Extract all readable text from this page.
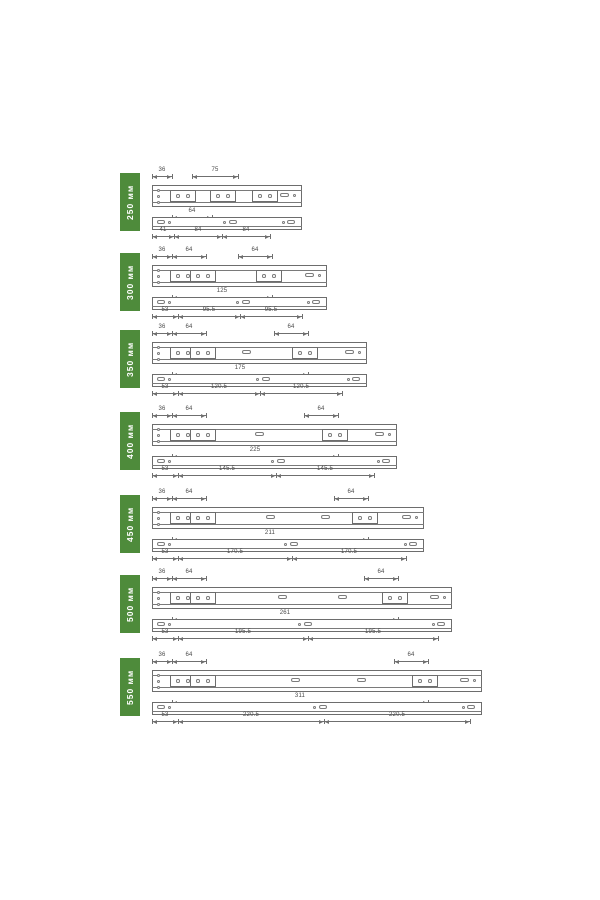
250 мм
36	75
64
41	84	84
300 мм
36	64	64
125
53	95.5	95.5
350 мм
36	64	64
175
53	120.5	120.5
400 мм
36	64	64
225
53	145.5	145.5
450 мм
36	64	64
211
53	170.5	170.5
500 мм
36	64	64
261
53	195.5	195.5
550 мм
36	64	64
311
53	220.5	220.5
